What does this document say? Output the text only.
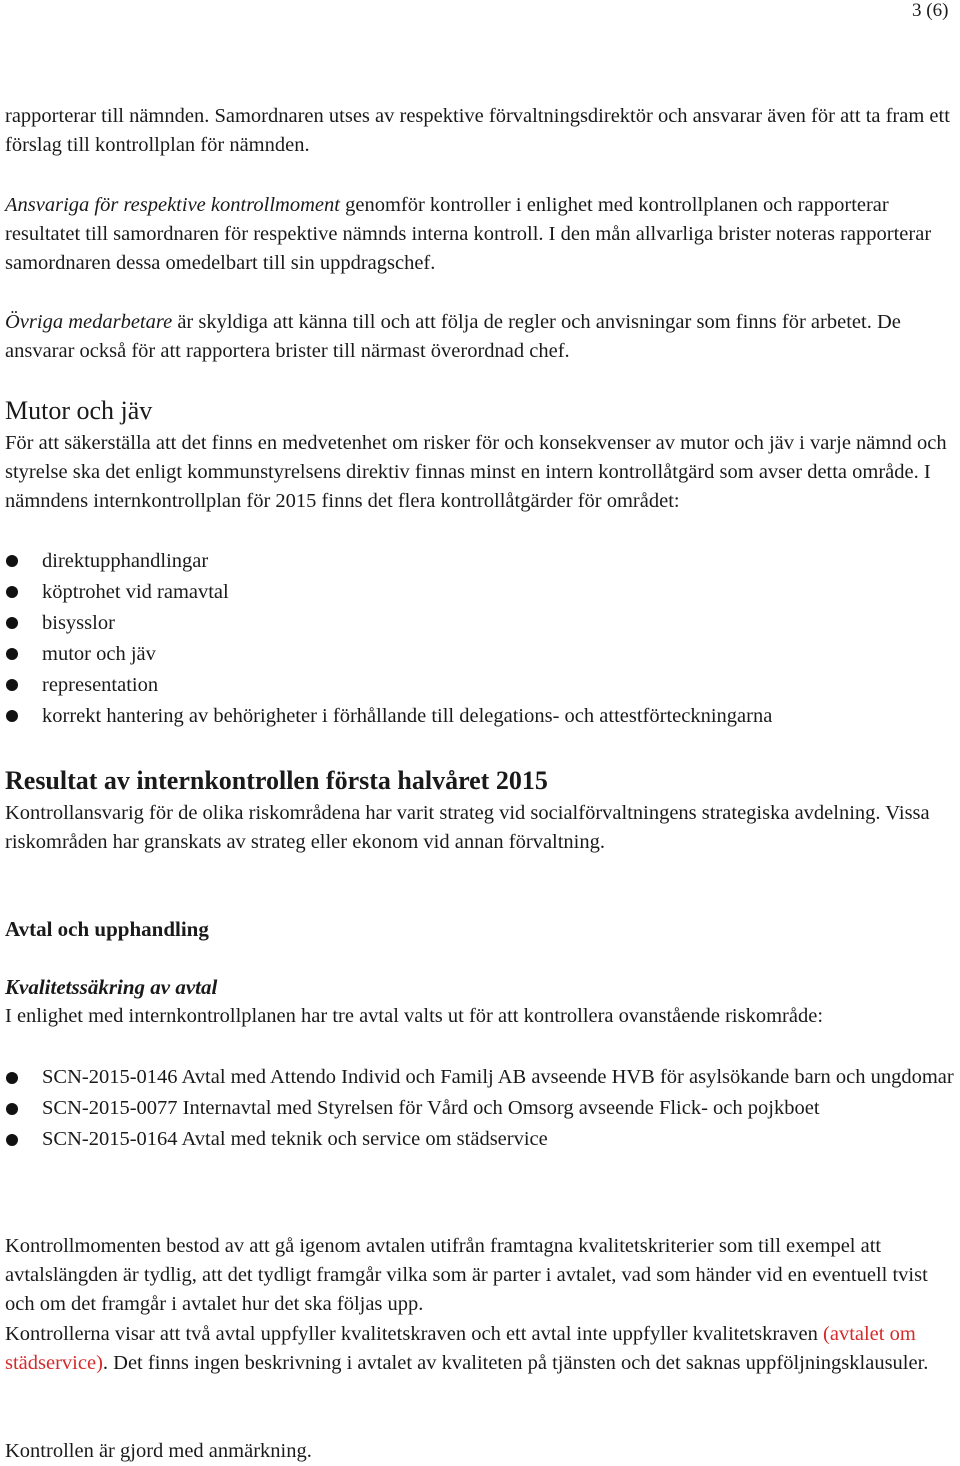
3 (6)

rapporterar till nämnden. Samordnaren utses av respektive förvaltningsdirektör och ansvarar även för att ta fram ett förslag till kontrollplan för nämnden.

Ansvariga för respektive kontrollmoment genomför kontroller i enlighet med kontrollplanen och rapporterar resultatet till samordnaren för respektive nämnds interna kontroll. I den mån allvarliga brister noteras rapporterar samordnaren dessa omedelbart till sin uppdragschef.

Övriga medarbetare är skyldiga att känna till och att följa de regler och anvisningar som finns för arbetet. De ansvarar också för att rapportera brister till närmast överordnad chef.

Mutor och jäv

För att säkerställa att det finns en medvetenhet om risker för och konsekvenser av mutor och jäv i varje nämnd och styrelse ska det enligt kommunstyrelsens direktiv finnas minst en intern kontrollåtgärd som avser detta område. I nämndens internkontrollplan för 2015 finns det flera kontrollåtgärder för området:

direktupphandlingar
köptrohet vid ramavtal
bisysslor
mutor och jäv
representation
korrekt hantering av behörigheter i förhållande till delegations- och attestförteckningarna
Resultat av internkontrollen första halvåret 2015

Kontrollansvarig för de olika riskområdena har varit strateg vid socialförvaltningens strategiska avdelning. Vissa riskområden har granskats av strateg eller ekonom vid annan förvaltning.

Avtal och upphandling
Kvalitetssäkring av avtal

I enlighet med internkontrollplanen har tre avtal valts ut för att kontrollera ovanstående riskområde:

SCN-2015-0146 Avtal med Attendo Individ och Familj AB avseende HVB för asylsökande barn och ungdomar
SCN-2015-0077 Internavtal med Styrelsen för Vård och Omsorg avseende Flick- och pojkboet
SCN-2015-0164 Avtal med teknik och service om städservice

Kontrollmomenten bestod av att gå igenom avtalen utifrån framtagna kvalitetskriterier som till exempel att avtalslängden är tydlig, att det tydligt framgår vilka som är parter i avtalet, vad som händer vid en eventuell tvist och om det framgår i avtalet hur det ska följas upp.

Kontrollerna visar att två avtal uppfyller kvalitetskraven och ett avtal inte uppfyller kvalitetskraven (avtalet om städservice). Det finns ingen beskrivning i avtalet av kvaliteten på tjänsten och det saknas uppföljningsklausuler.

Kontrollen är gjord med anmärkning.
